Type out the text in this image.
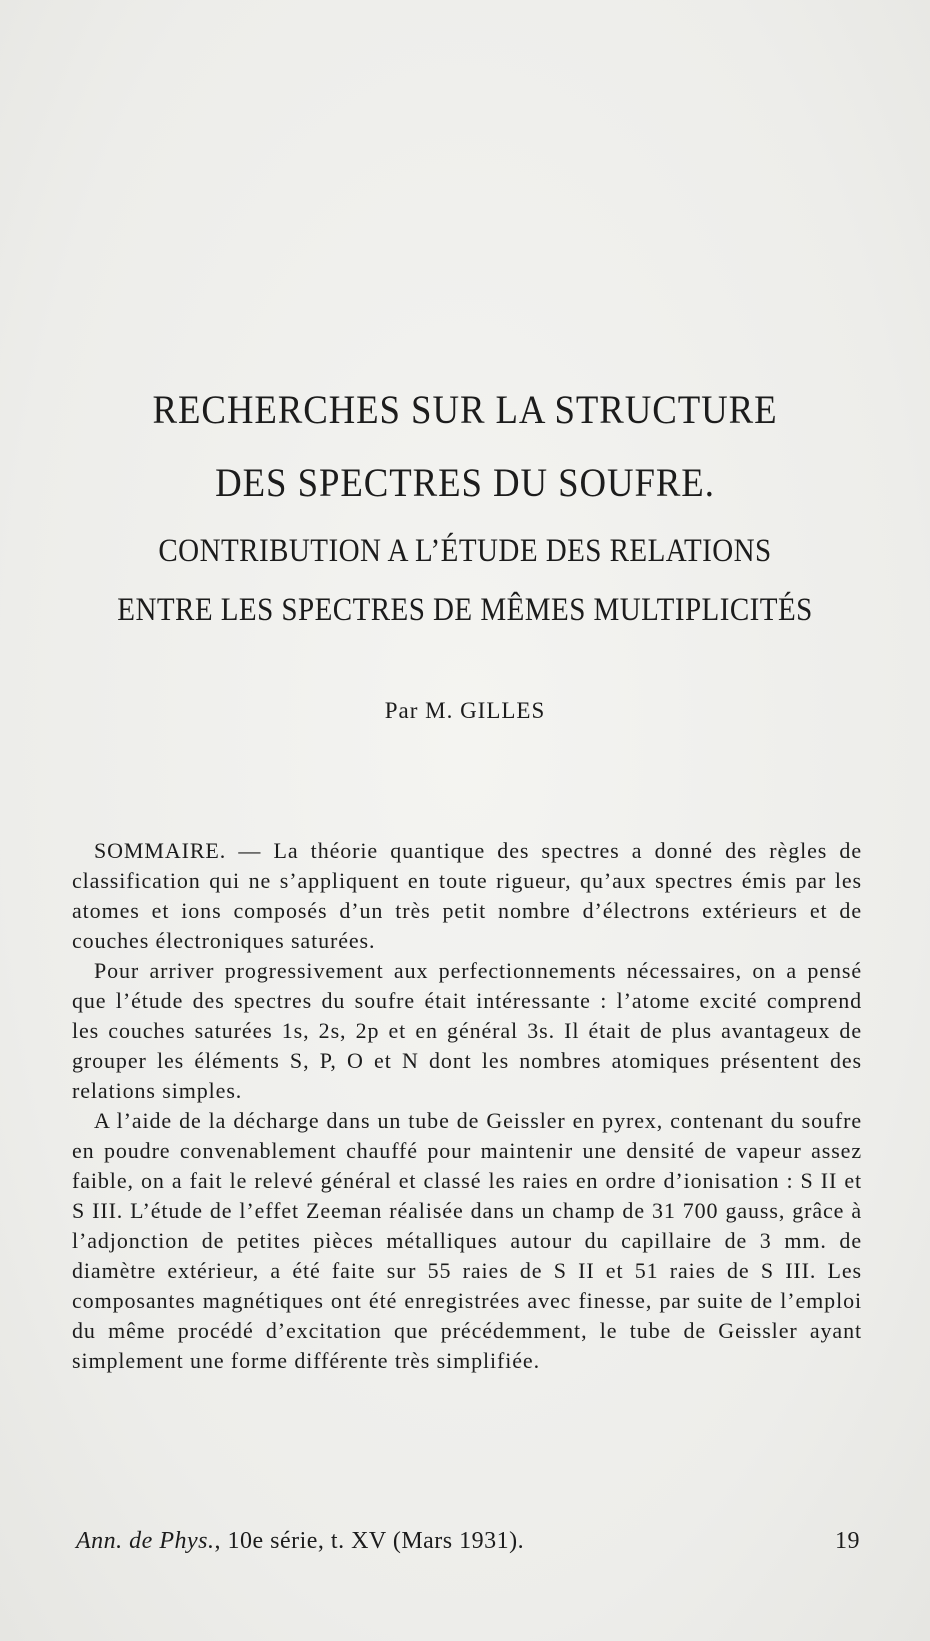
RECHERCHES SUR LA STRUCTURE
DES SPECTRES DU SOUFRE.
CONTRIBUTION A L’ÉTUDE DES RELATIONS
ENTRE LES SPECTRES DE MÊMES MULTIPLICITÉS
Par M. GILLES

SOMMAIRE. — La théorie quantique des spectres a donné des règles de classification qui ne s’appliquent en toute rigueur, qu’aux spectres émis par les atomes et ions composés d’un très petit nombre d’électrons extérieurs et de couches électroniques saturées.

Pour arriver progressivement aux perfectionnements nécessaires, on a pensé que l’étude des spectres du soufre était intéressante : l’atome excité comprend les couches saturées 1s, 2s, 2p et en général 3s. Il était de plus avantageux de grouper les éléments S, P, O et N dont les nombres atomiques présentent des relations simples.

A l’aide de la décharge dans un tube de Geissler en pyrex, contenant du soufre en poudre convenablement chauffé pour maintenir une densité de vapeur assez faible, on a fait le relevé général et classé les raies en ordre d’ionisation : S II et S III. L’étude de l’effet Zeeman réalisée dans un champ de 31 700 gauss, grâce à l’adjonction de petites pièces métalliques autour du capillaire de 3 mm. de diamètre extérieur, a été faite sur 55 raies de S II et 51 raies de S III. Les composantes magnétiques ont été enregistrées avec finesse, par suite de l’emploi du même procédé d’excitation que précédemment, le tube de Geissler ayant simplement une forme différente très simplifiée.

Ann. de Phys., 10e série, t. XV (Mars 1931).	19
